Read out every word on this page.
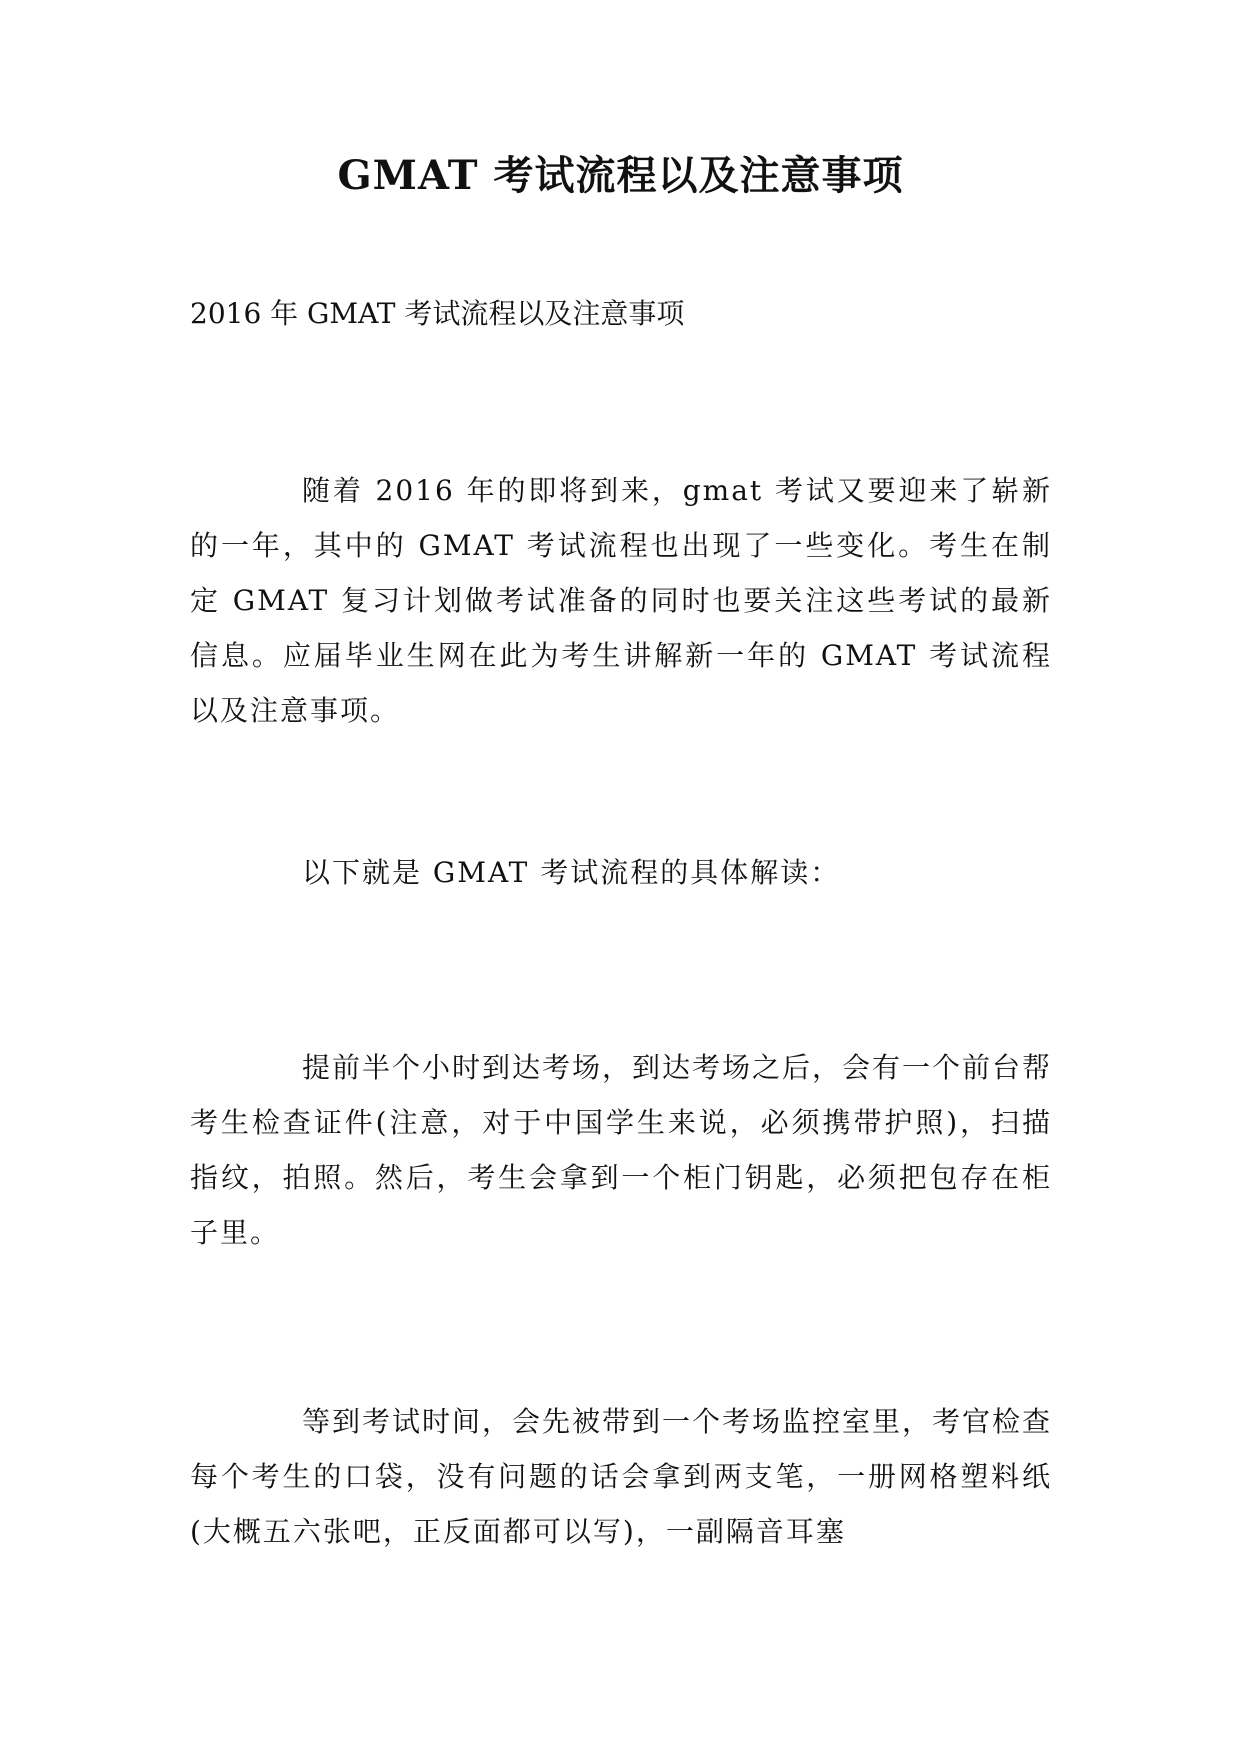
GMAT 考试流程以及注意事项

2016 年 GMAT 考试流程以及注意事项

随着 2016 年的即将到来，gmat 考试又要迎来了崭新的一年，其中的 GMAT 考试流程也出现了一些变化。考生在制定 GMAT 复习计划做考试准备的同时也要关注这些考试的最新信息。应届毕业生网在此为考生讲解新一年的 GMAT 考试流程以及注意事项。

以下就是 GMAT 考试流程的具体解读：

提前半个小时到达考场，到达考场之后，会有一个前台帮考生检查证件(注意，对于中国学生来说，必须携带护照)，扫描指纹，拍照。然后，考生会拿到一个柜门钥匙，必须把包存在柜子里。

等到考试时间，会先被带到一个考场监控室里，考官检查每个考生的口袋，没有问题的话会拿到两支笔，一册网格塑料纸(大概五六张吧，正反面都可以写)，一副隔音耳塞
